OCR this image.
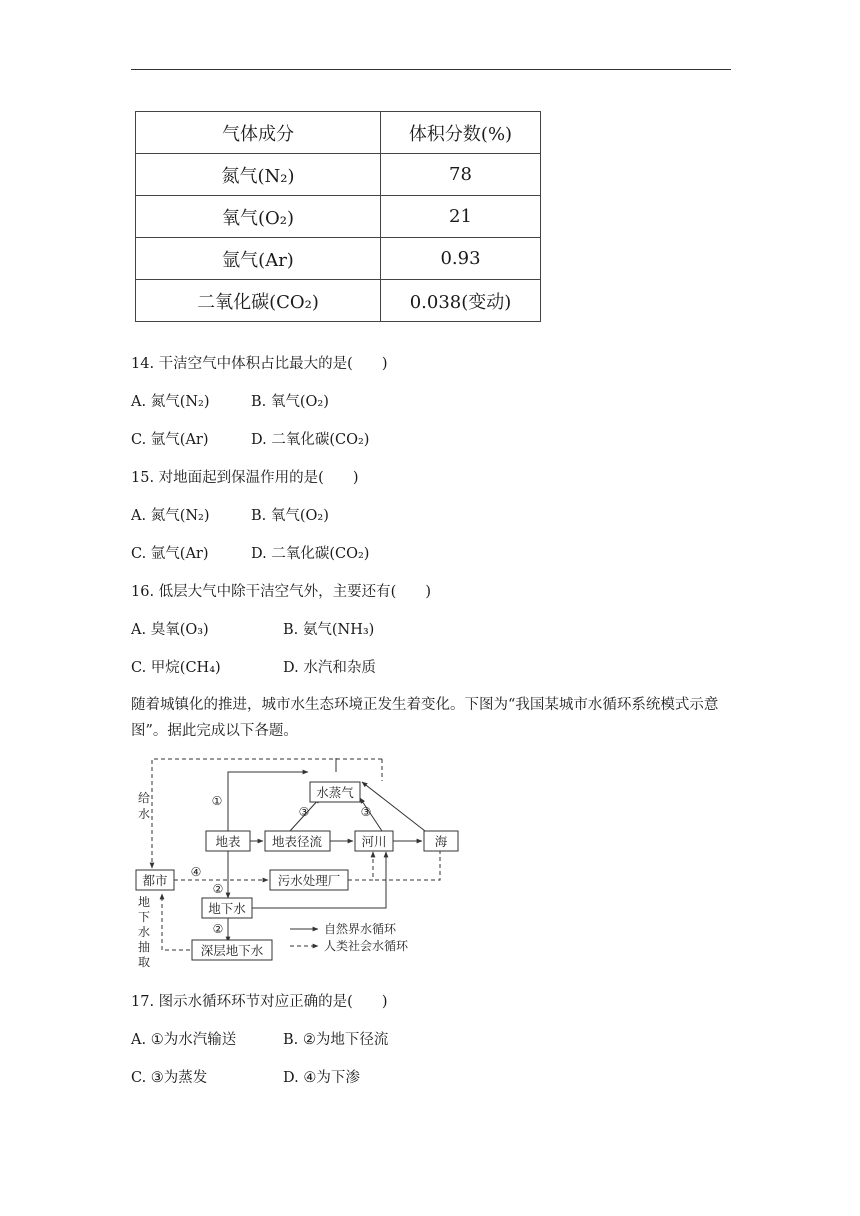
气体成分	体积分数(%)
氮气(N₂)	78
氧气(O₂)	21
氩气(Ar)	0.93
二氧化碳(CO₂)	0.038(变动)
14. 干洁空气中体积占比最大的是(　　)
A. 氮气(N₂)	B. 氧气(O₂)
C. 氩气(Ar)	D. 二氧化碳(CO₂)
15. 对地面起到保温作用的是(　　)
A. 氮气(N₂)	B. 氧气(O₂)
C. 氩气(Ar)	D. 二氧化碳(CO₂)
16. 低层大气中除干洁空气外，主要还有(　　)
A. 臭氧(O₃)	B. 氨气(NH₃)
C. 甲烷(CH₄)	D. 水汽和杂质
随着城镇化的推进，城市水生态环境正发生着变化。下图为“我国某城市水循环系统模式示意图”。据此完成以下各题。
水蒸气
地表	地表径流	河川	海
都市	污水处理厂
地下水
深层地下水
①
②
②
③	③
④
给
水
地
下
水
抽
取
自然界水循环
人类社会水循环
17. 图示水循环环节对应正确的是(　　)
A. ①为水汽输送	B. ②为地下径流
C. ③为蒸发	D. ④为下渗
